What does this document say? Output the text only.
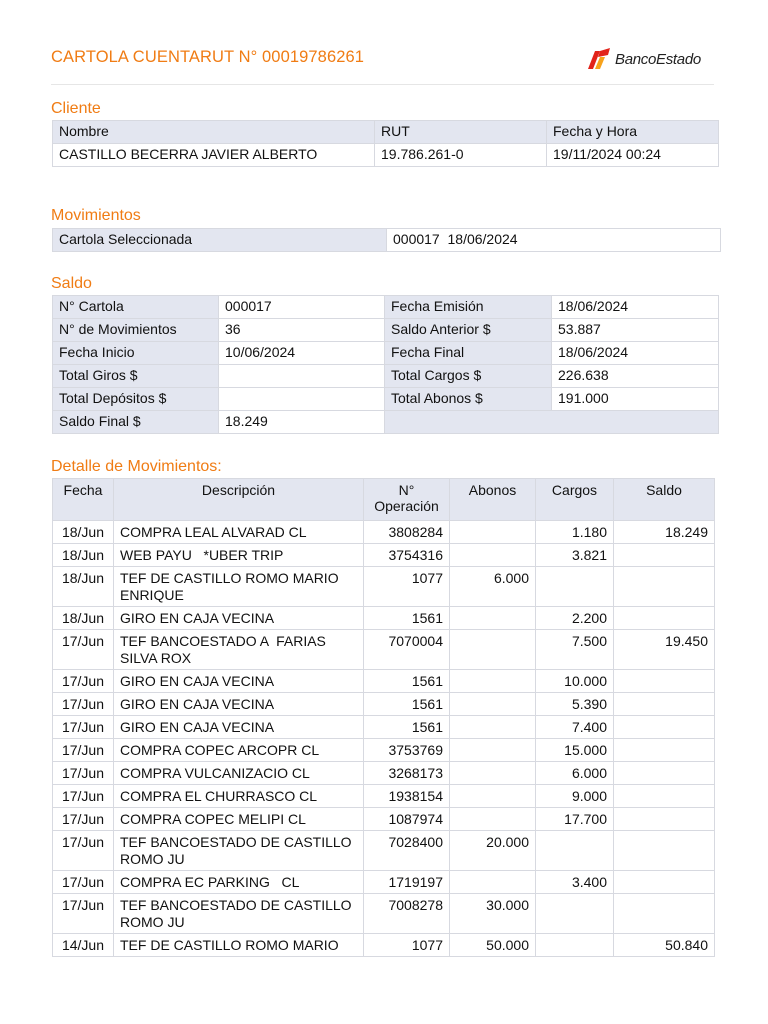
CARTOLA CUENTARUT N° 00019786261	BancoEstado
Cliente
Nombre	RUT	Fecha y Hora
CASTILLO BECERRA JAVIER ALBERTO	19.786.261-0	19/11/2024 00:24
Movimientos
Cartola Seleccionada	000017  18/06/2024
Saldo
N° Cartola	000017	Fecha Emisión	18/06/2024
N° de Movimientos	36	Saldo Anterior $	53.887
Fecha Inicio	10/06/2024	Fecha Final	18/06/2024
Total Giros $		Total Cargos $	226.638
Total Depósitos $		Total Abonos $	191.000
Saldo Final $	18.249		
Detalle de Movimientos:
Fecha	Descripción	N° Operación	Abonos	Cargos	Saldo
18/Jun	COMPRA LEAL ALVARAD CL	3808284		1.180	18.249
18/Jun	WEB PAYU   *UBER TRIP	3754316		3.821	
18/Jun	TEF DE CASTILLO ROMO MARIO ENRIQUE	1077	6.000		
18/Jun	GIRO EN CAJA VECINA	1561		2.200	
17/Jun	TEF BANCOESTADO A  FARIAS SILVA ROX	7070004		7.500	19.450
17/Jun	GIRO EN CAJA VECINA	1561		10.000	
17/Jun	GIRO EN CAJA VECINA	1561		5.390	
17/Jun	GIRO EN CAJA VECINA	1561		7.400	
17/Jun	COMPRA COPEC ARCOPR CL	3753769		15.000	
17/Jun	COMPRA VULCANIZACIO CL	3268173		6.000	
17/Jun	COMPRA EL CHURRASCO CL	1938154		9.000	
17/Jun	COMPRA COPEC MELIPI CL	1087974		17.700	
17/Jun	TEF BANCOESTADO DE CASTILLO ROMO JU	7028400	20.000		
17/Jun	COMPRA EC PARKING   CL	1719197		3.400	
17/Jun	TEF BANCOESTADO DE CASTILLO ROMO JU	7008278	30.000		
14/Jun	TEF DE CASTILLO ROMO MARIO	1077	50.000		50.840
